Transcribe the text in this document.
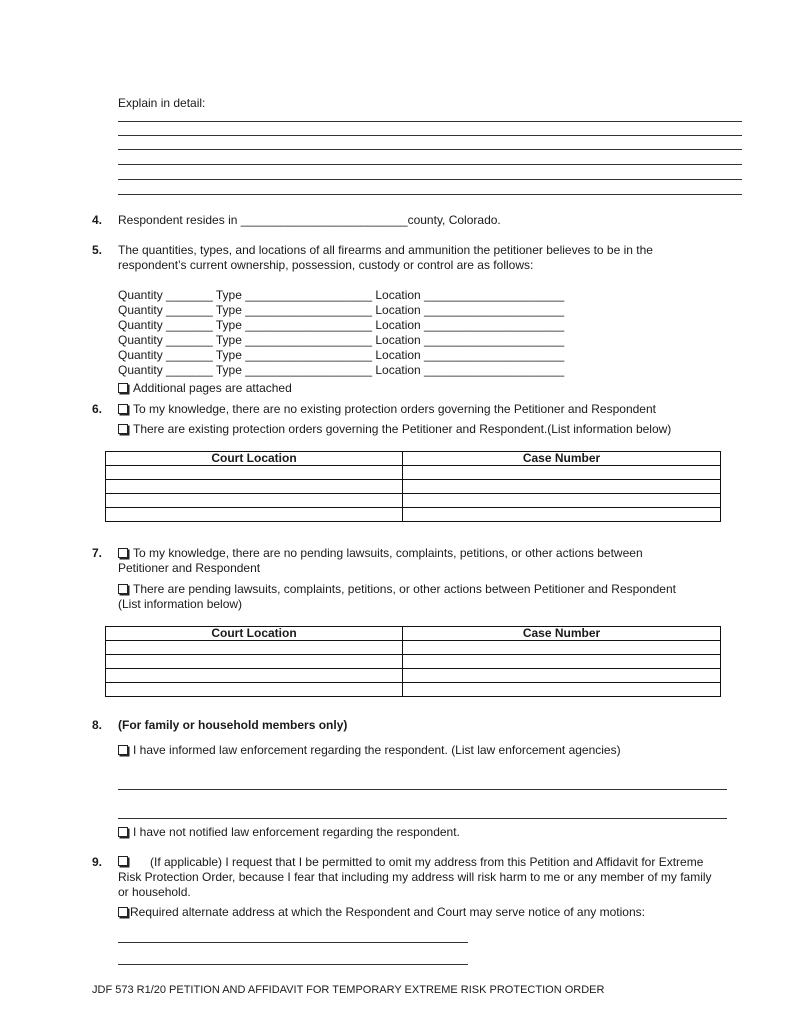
Explain in detail:
4. Respondent resides in _________________________county, Colorado.
5. The quantities, types, and locations of all firearms and ammunition the petitioner believes to be in the
respondent’s current ownership, possession, custody or control are as follows:
Quantity _______ Type ___________________ Location _____________________
Quantity _______ Type ___________________ Location _____________________
Quantity _______ Type ___________________ Location _____________________
Quantity _______ Type ___________________ Location _____________________
Quantity _______ Type ___________________ Location _____________________
Quantity _______ Type ___________________ Location _____________________
Additional pages are attached
6.	To my knowledge, there are no existing protection orders governing the Petitioner and Respondent
There are existing protection orders governing the Petitioner and Respondent.(List information below)
Court Location	Case Number

7.	To my knowledge, there are no pending lawsuits, complaints, petitions, or other actions between
Petitioner and Respondent
There are pending lawsuits, complaints, petitions, or other actions between Petitioner and Respondent
(List information below)
Court Location	Case Number

8. (For family or household members only)
I have informed law enforcement regarding the respondent. (List law enforcement agencies)
I have not notified law enforcement regarding the respondent.
9.	(If applicable) I request that I be permitted to omit my address from this Petition and Affidavit for Extreme
Risk Protection Order, because I fear that including my address will risk harm to me or any member of my family
or household.
Required alternate address at which the Respondent and Court may serve notice of any motions:
JDF 573 R1/20 PETITION AND AFFIDAVIT FOR TEMPORARY EXTREME RISK PROTECTION ORDER
